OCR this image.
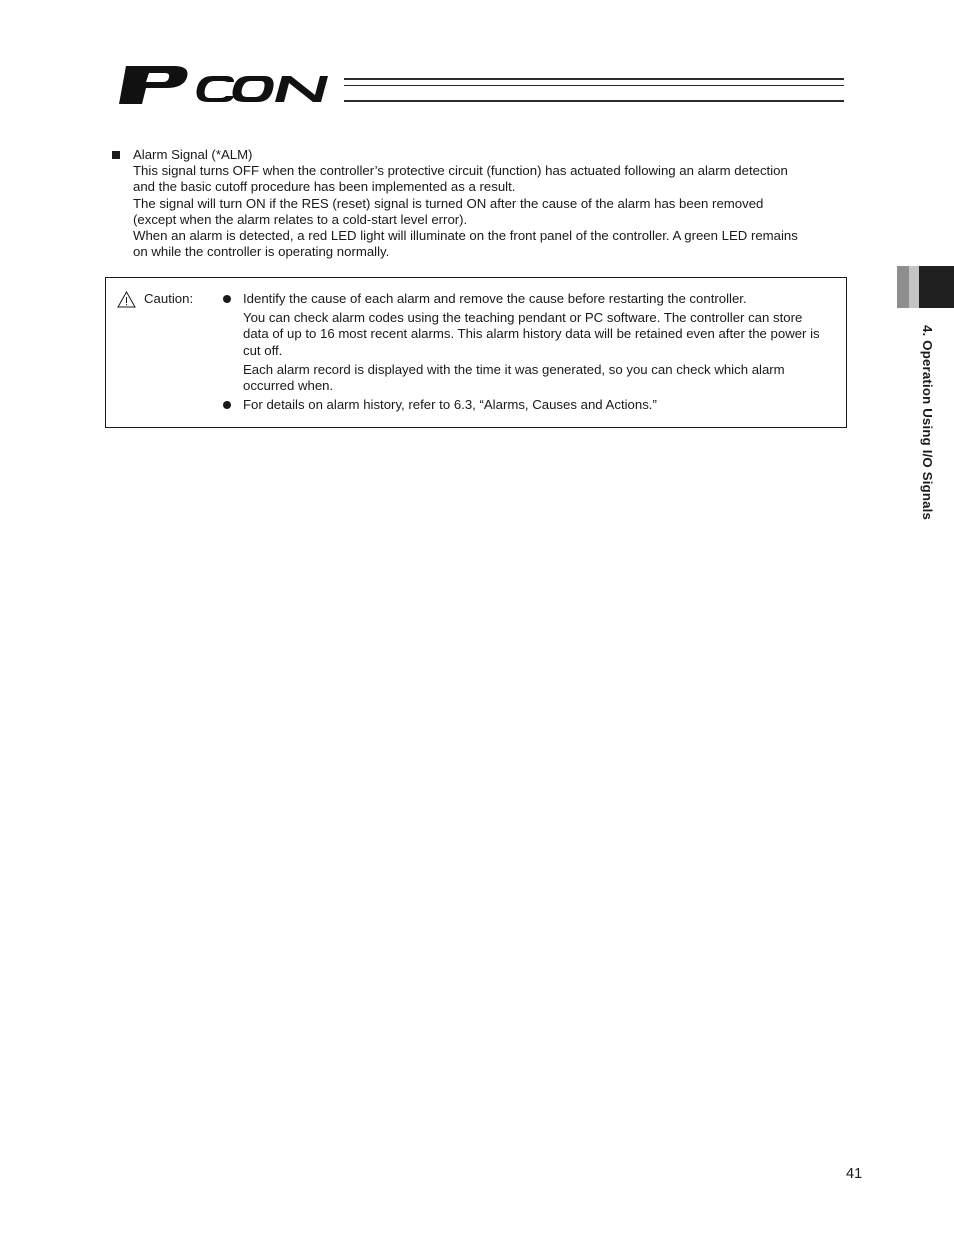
Alarm Signal (*ALM)
This signal turns OFF when the controller’s protective circuit (function) has actuated following an alarm detection
and the basic cutoff procedure has been implemented as a result.
The signal will turn ON if the RES (reset) signal is turned ON after the cause of the alarm has been removed
(except when the alarm relates to a cold-start level error).
When an alarm is detected, a red LED light will illuminate on the front panel of the controller. A green LED remains
on while the controller is operating normally.
Caution:	Identify the cause of each alarm and remove the cause before restarting the controller.

You can check alarm codes using the teaching pendant or PC software. The controller can store data of up to 16 most recent alarms. This alarm history data will be retained even after the power is cut off.

Each alarm record is displayed with the time it was generated, so you can check which alarm occurred when.

For details on alarm history, refer to 6.3, “Alarms, Causes and Actions.”	4. Operation Using I/O Signals
41
